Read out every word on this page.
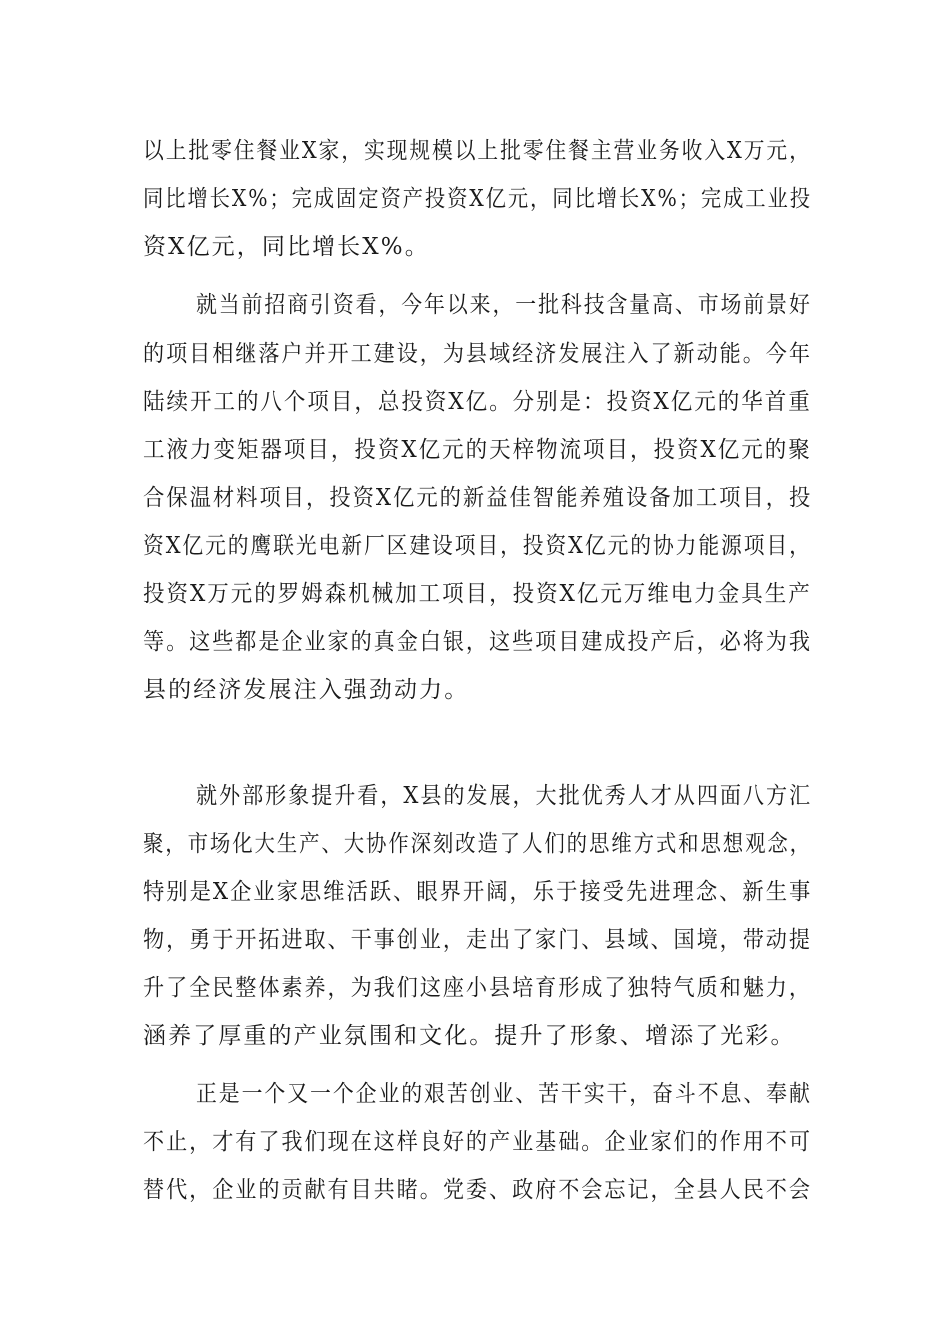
以上批零住餐业X家，实现规模以上批零住餐主营业务收入X万元，
同比增长X%；完成固定资产投资X亿元，同比增长X%；完成工业投
资X亿元，同比增长X%。
就当前招商引资看，今年以来，一批科技含量高、市场前景好
的项目相继落户并开工建设，为县域经济发展注入了新动能。今年
陆续开工的八个项目，总投资X亿。分别是：投资X亿元的华首重
工液力变矩器项目，投资X亿元的天梓物流项目，投资X亿元的聚
合保温材料项目，投资X亿元的新益佳智能养殖设备加工项目，投
资X亿元的鹰联光电新厂区建设项目，投资X亿元的协力能源项目，
投资X万元的罗姆森机械加工项目，投资X亿元万维电力金具生产
等。这些都是企业家的真金白银，这些项目建成投产后，必将为我
县的经济发展注入强劲动力。
就外部形象提升看，X县的发展，大批优秀人才从四面八方汇
聚，市场化大生产、大协作深刻改造了人们的思维方式和思想观念，
特别是X企业家思维活跃、眼界开阔，乐于接受先进理念、新生事
物，勇于开拓进取、干事创业，走出了家门、县域、国境，带动提
升了全民整体素养，为我们这座小县培育形成了独特气质和魅力，
涵养了厚重的产业氛围和文化。提升了形象、增添了光彩。
正是一个又一个企业的艰苦创业、苦干实干，奋斗不息、奉献
不止，才有了我们现在这样良好的产业基础。企业家们的作用不可
替代，企业的贡献有目共睹。党委、政府不会忘记，全县人民不会
